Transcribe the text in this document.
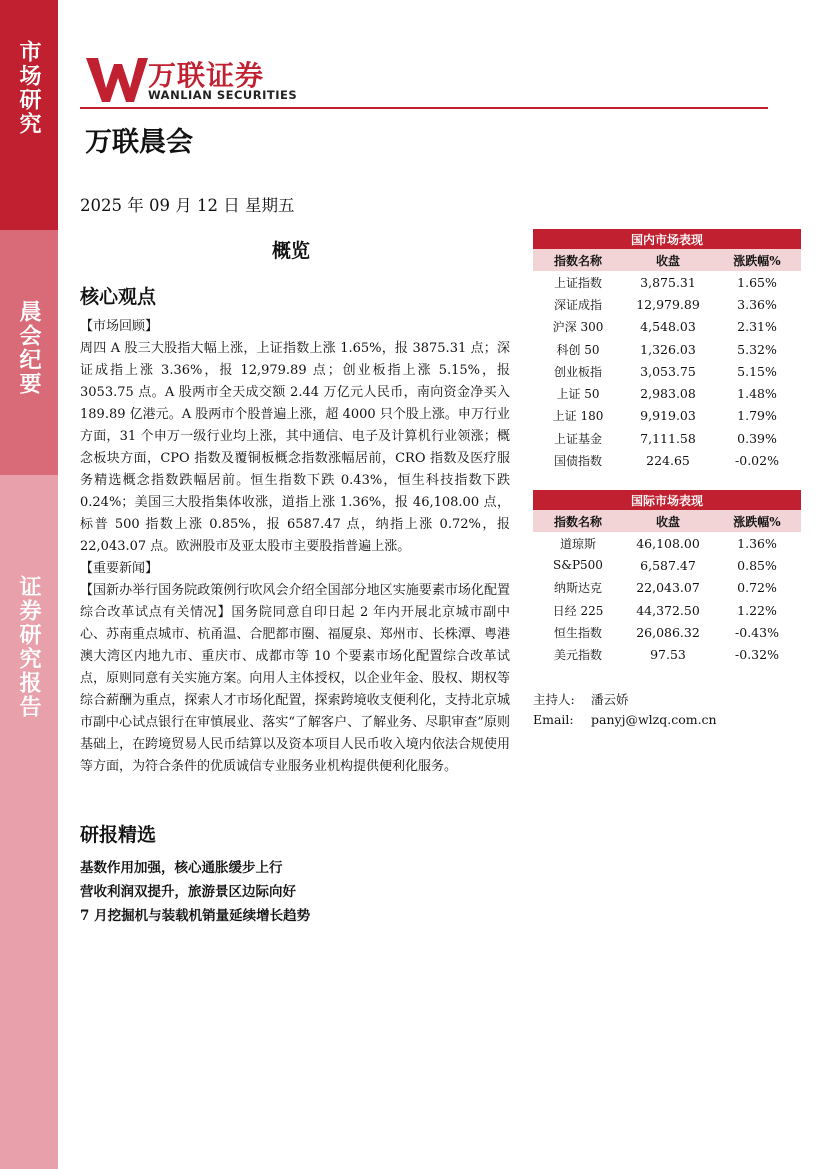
市场研究
晨会纪要
证券研究报告
万联证券
WANLIAN SECURITIES
万联晨会
2025 年 09 月 12 日 星期五
概览
核心观点

【市场回顾】

周四 A 股三大股指大幅上涨，上证指数上涨 1.65%，报 3875.31 点；深证成指上涨 3.36%，报 12,979.89 点；创业板指上涨 5.15%，报 3053.75 点。A 股两市全天成交额 2.44 万亿元人民币，南向资金净买入 189.89 亿港元。A 股两市个股普遍上涨，超 4000 只个股上涨。申万行业方面，31 个申万一级行业均上涨，其中通信、电子及计算机行业领涨；概念板块方面，CPO 指数及覆铜板概念指数涨幅居前，CRO 指数及医疗服务精选概念指数跌幅居前。恒生指数下跌 0.43%，恒生科技指数下跌 0.24%；美国三大股指集体收涨，道指上涨 1.36%，报 46,108.00 点，标普 500 指数上涨 0.85%，报 6587.47 点，纳指上涨 0.72%，报 22,043.07 点。欧洲股市及亚太股市主要股指普遍上涨。

【重要新闻】

【国新办举行国务院政策例行吹风会介绍全国部分地区实施要素市场化配置综合改革试点有关情况】国务院同意自印日起 2 年内开展北京城市副中心、苏南重点城市、杭甬温、合肥都市圈、福厦泉、郑州市、长株潭、粤港澳大湾区内地九市、重庆市、成都市等 10 个要素市场化配置综合改革试点，原则同意有关实施方案。向用人主体授权，以企业年金、股权、期权等综合薪酬为重点，探索人才市场化配置，探索跨境收支便利化，支持北京城市副中心试点银行在审慎展业、落实“了解客户、了解业务、尽职审查”原则基础上，在跨境贸易人民币结算以及资本项目人民币收入境内依法合规使用等方面，为符合条件的优质诚信专业服务业机构提供便利化服务。

研报精选
基数作用加强，核心通胀缓步上行
营收利润双提升，旅游景区边际向好
7 月挖掘机与装载机销量延续增长趋势
国内市场表现		
指数名称	收盘	涨跌幅%
上证指数	3,875.31	1.65%
深证成指	12,979.89	3.36%
沪深 300	4,548.03	2.31%
科创 50	1,326.03	5.32%
创业板指	3,053.75	5.15%
上证 50	2,983.08	1.48%
上证 180	9,919.03	1.79%
上证基金	7,111.58	0.39%
国债指数	224.65	-0.02%
国际市场表现		
指数名称	收盘	涨跌幅%
道琼斯	46,108.00	1.36%
S&P500	6,587.47	0.85%
纳斯达克	22,043.07	0.72%
日经 225	44,372.50	1.22%
恒生指数	26,086.32	-0.43%
美元指数	97.53	-0.32%
主持人: 潘云娇
Email: panyj@wlzq.com.cn
